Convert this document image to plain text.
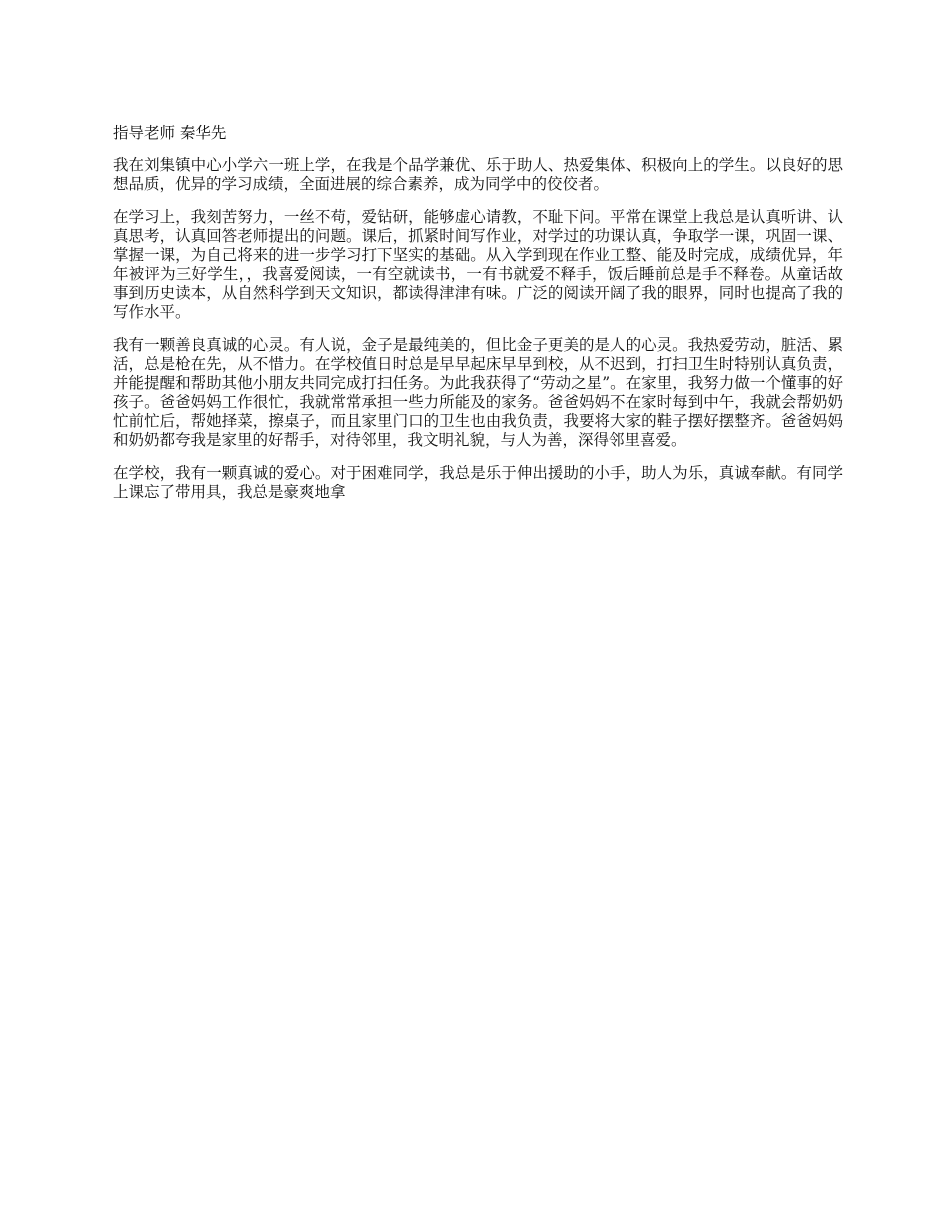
指导老师 秦华先

我在刘集镇中心小学六一班上学，在我是个品学兼优、乐于助人、热爱集体、积极向上的学生。以良好的思想品质，优异的学习成绩，全面进展的综合素养，成为同学中的佼佼者。

在学习上，我刻苦努力，一丝不苟，爱钻研，能够虚心请教，不耻下问。平常在课堂上我总是认真听讲、认真思考，认真回答老师提出的问题。课后，抓紧时间写作业，对学过的功课认真，争取学一课，巩固一课、掌握一课，为自己将来的进一步学习打下坚实的基础。从入学到现在作业工整、能及时完成，成绩优异，年年被评为三好学生，，我喜爱阅读，一有空就读书，一有书就爱不释手，饭后睡前总是手不释卷。从童话故事到历史读本，从自然科学到天文知识，都读得津津有味。广泛的阅读开阔了我的眼界，同时也提高了我的写作水平。

我有一颗善良真诚的心灵。有人说，金子是最纯美的，但比金子更美的是人的心灵。我热爱劳动，脏活、累活，总是枪在先，从不惜力。在学校值日时总是早早起床早早到校，从不迟到，打扫卫生时特别认真负责，并能提醒和帮助其他小朋友共同完成打扫任务。为此我获得了“劳动之星”。在家里，我努力做一个懂事的好孩子。爸爸妈妈工作很忙，我就常常承担一些力所能及的家务。爸爸妈妈不在家时每到中午，我就会帮奶奶忙前忙后，帮她择菜，擦桌子，而且家里门口的卫生也由我负责，我要将大家的鞋子摆好摆整齐。爸爸妈妈和奶奶都夸我是家里的好帮手，对待邻里，我文明礼貌，与人为善，深得邻里喜爱。

在学校，我有一颗真诚的爱心。对于困难同学，我总是乐于伸出援助的小手，助人为乐，真诚奉献。有同学上课忘了带用具，我总是豪爽地拿
